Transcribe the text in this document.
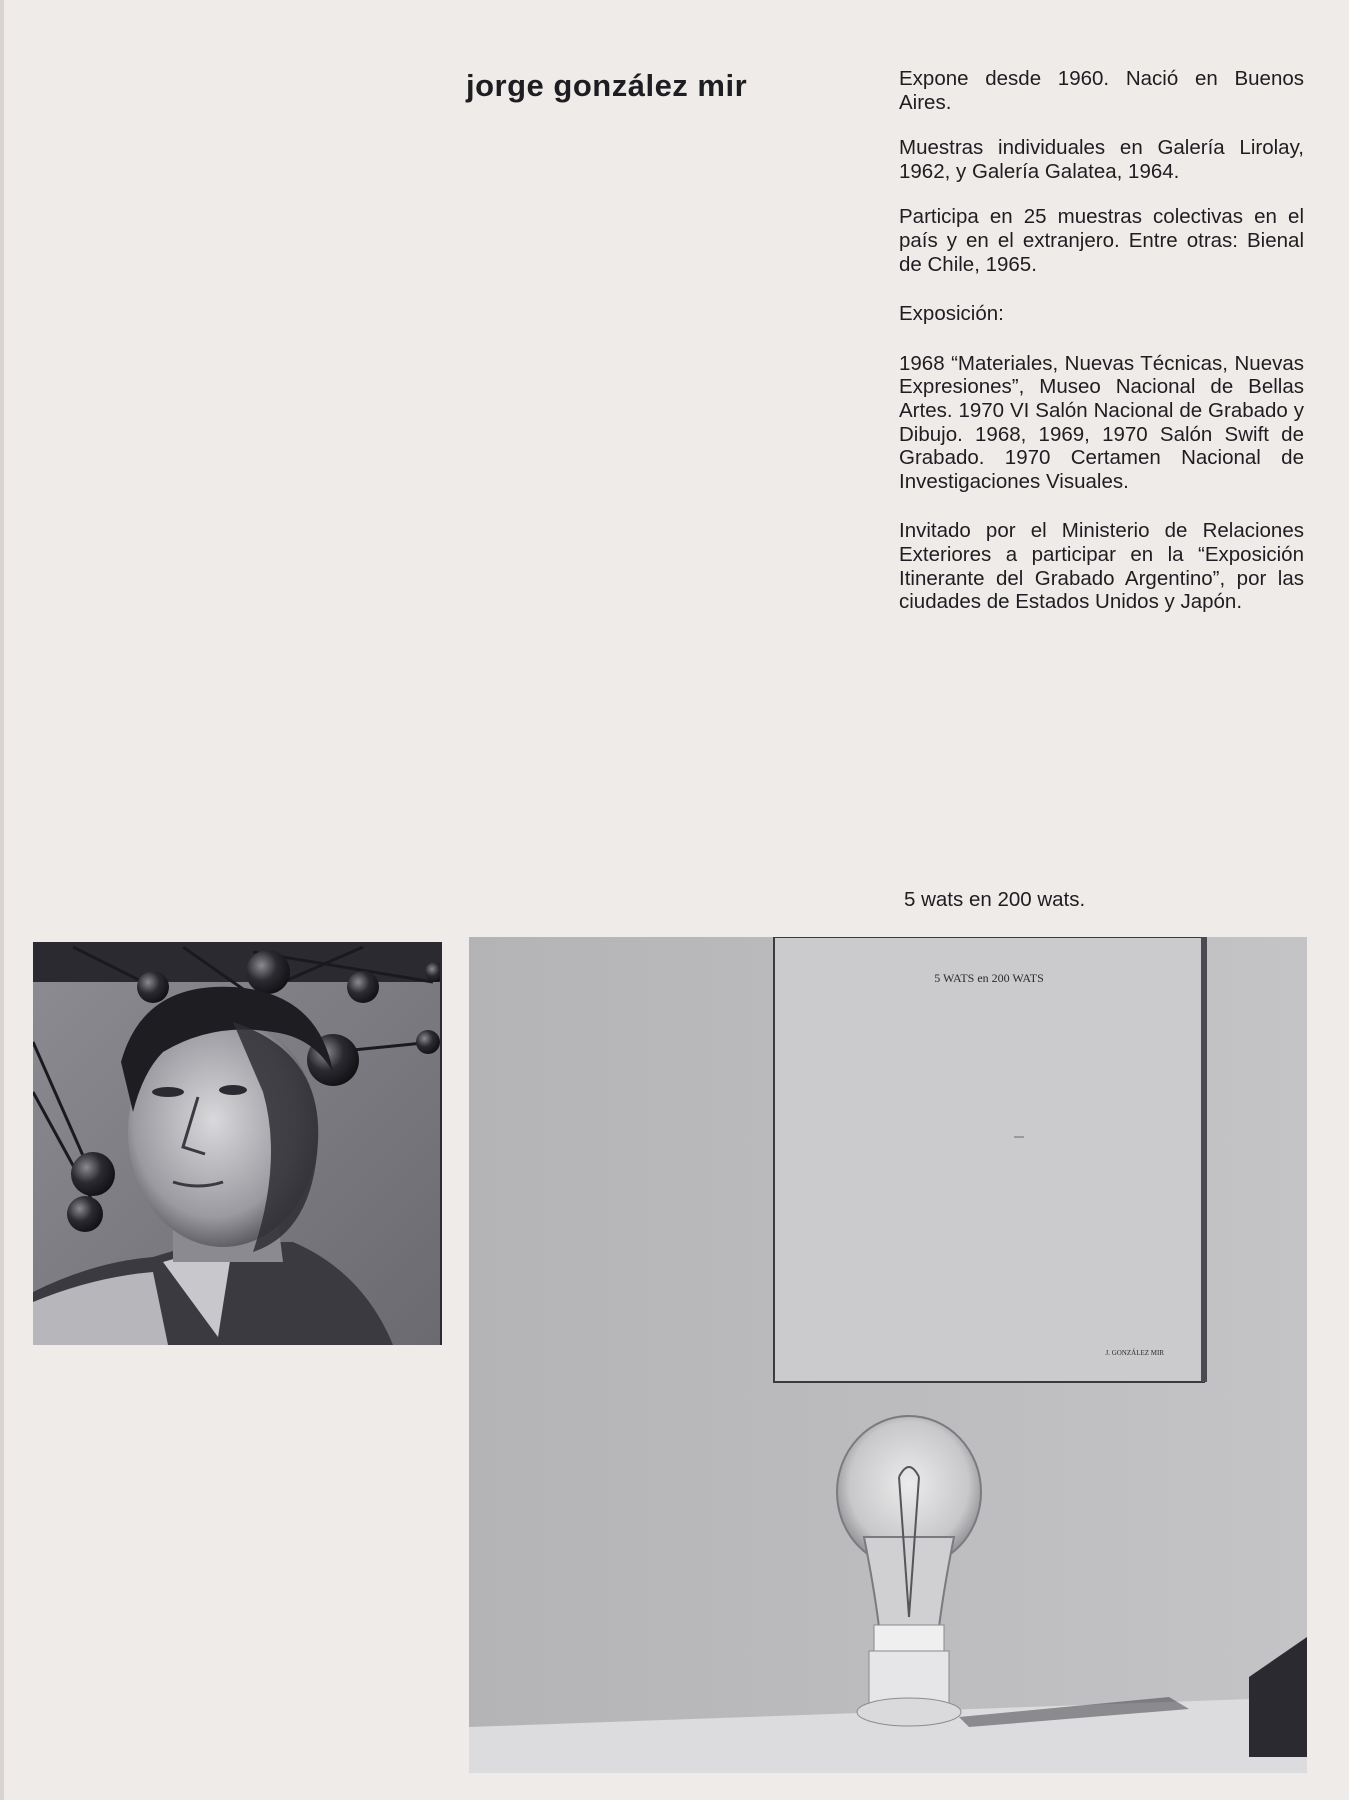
jorge gonzález mir	Expone desde 1960. Nació en Buenos Aires.

Muestras individuales en Galería Lirolay, 1962, y Galería Galatea, 1964.

Participa en 25 muestras colectivas en el país y en el extranjero. Entre otras: Bienal de Chile, 1965.

Exposición:

1968 “Materiales, Nuevas Técnicas, Nuevas Expresiones”, Museo Nacional de Bellas Artes. 1970 VI Salón Nacional de Grabado y Dibujo. 1968, 1969, 1970 Salón Swift de Grabado. 1970 Certamen Nacional de Investigaciones Visuales.

Invitado por el Ministerio de Relaciones Exteriores a participar en la “Exposición Itinerante del Grabado Argentino”, por las ciudades de Estados Unidos y Japón.

5 wats en 200 wats.

5 WATS en 200 WATS
J. GONZÁLEZ MIR
